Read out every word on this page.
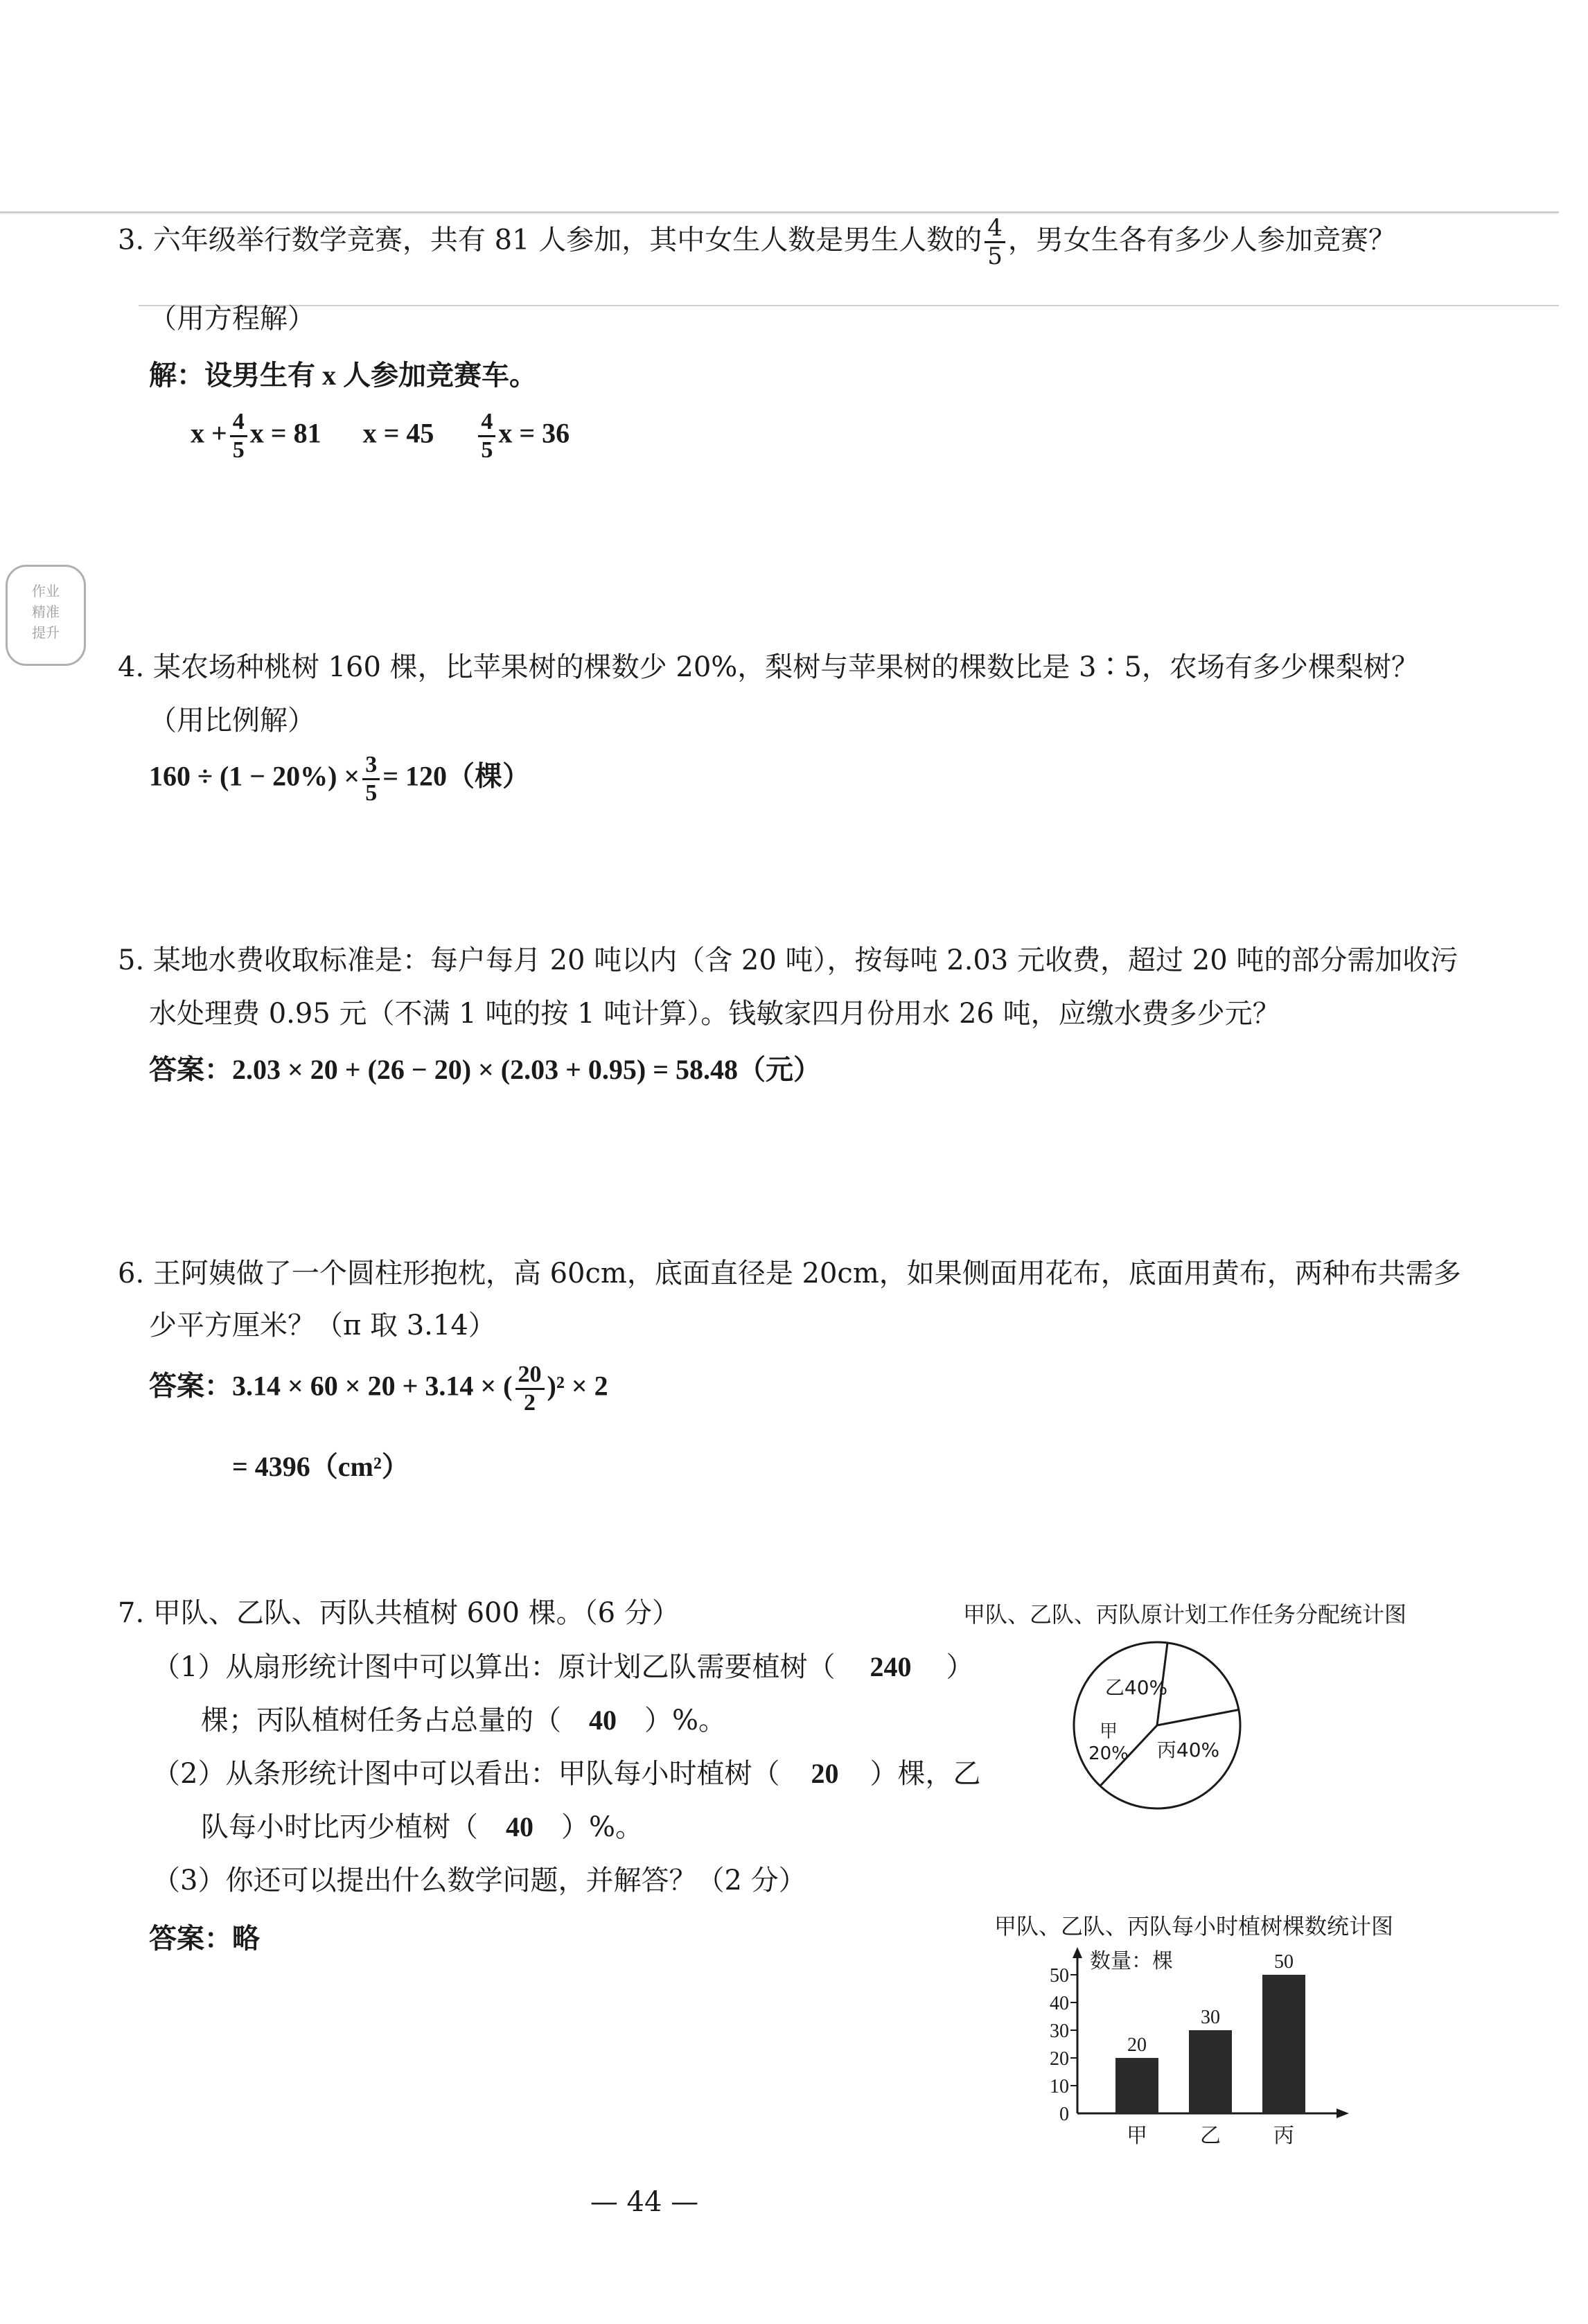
作业
精准
提升
3. 六年级举行数学竞赛，共有 81 人参加，其中女生人数是男生人数的 $\frac{4}{5}$ ，男女生各有多少人参加竞赛？
（用方程解）
解：设男生有 x 人参加竞赛车。
$x + \frac{4}{5}$ x = 81 $x = 45 \frac{4}{5}$ x = 36
4. 某农场种桃树 160 棵，比苹果树的棵数少 20%，梨树与苹果树的棵数比是 3∶5，农场有多少棵梨树？
（用比例解）
$160 \div (1 - 20\%) \times \frac{3}{5} = 120$（棵）
5. 某地水费收取标准是：每户每月 20 吨以内（含 20 吨），按每吨 2.03 元收费，超过 20 吨的部分需加收污
水处理费 0.95 元（不满 1 吨的按 1 吨计算）。钱敏家四月份用水 26 吨，应缴水费多少元？
答案：2.03 × 20 + (26 − 20) × (2.03 + 0.95) = 58.48（元）
6. 王阿姨做了一个圆柱形抱枕，高 60cm，底面直径是 20cm，如果侧面用花布，底面用黄布，两种布共需多
少平方厘米？（π 取 3.14）
答案：3.14 × 60 × 20 + 3.14 × ( $\frac{20}{2} )^2 \times 2$
= 4396（cm²）
7. 甲队、乙队、丙队共植树 600 棵。（6 分）
（1）从扇形统计图中可以算出：原计划乙队需要植树（ 240 ）
棵；丙队植树任务占总量的（ 40 ）%。
（2）从条形统计图中可以看出：甲队每小时植树（ 20 ）棵，乙
队每小时比丙少植树（ 40 ）%。
（3）你还可以提出什么数学问题，并解答？（2 分）
答案：略
甲队、乙队、丙队原计划工作任务分配统计图
乙40%
丙40%
甲
20%
甲队、乙队、丙队每小时植树棵数统计图
0
10
20
30
40
50
数量：棵
20
甲
30
乙
50
丙
— 44 —
